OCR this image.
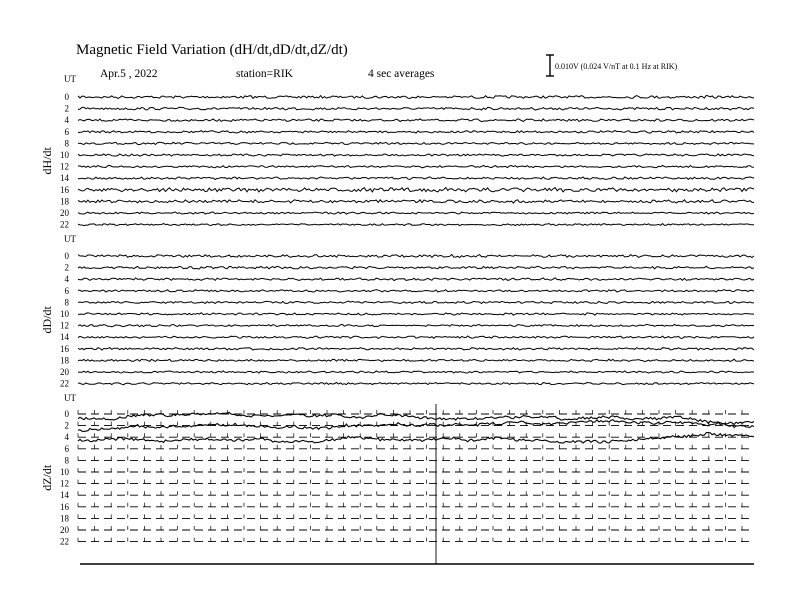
Magnetic Field Variation (dH/dt,dD/dt,dZ/dt)
Apr.5 , 2022	station=RIK	4 sec averages
0.010V (0.024 V/nT at 0.1 Hz at RIK)
UT
dH/dt
0
2
4
6
8
10
12
14
16
18
20
22
UT
dD/dt
0
2
4
6
8
10
12
14
16
18
20
22
UT
dZ/dt
0
2
4
6
8
10
12
14
16
18
20
22
